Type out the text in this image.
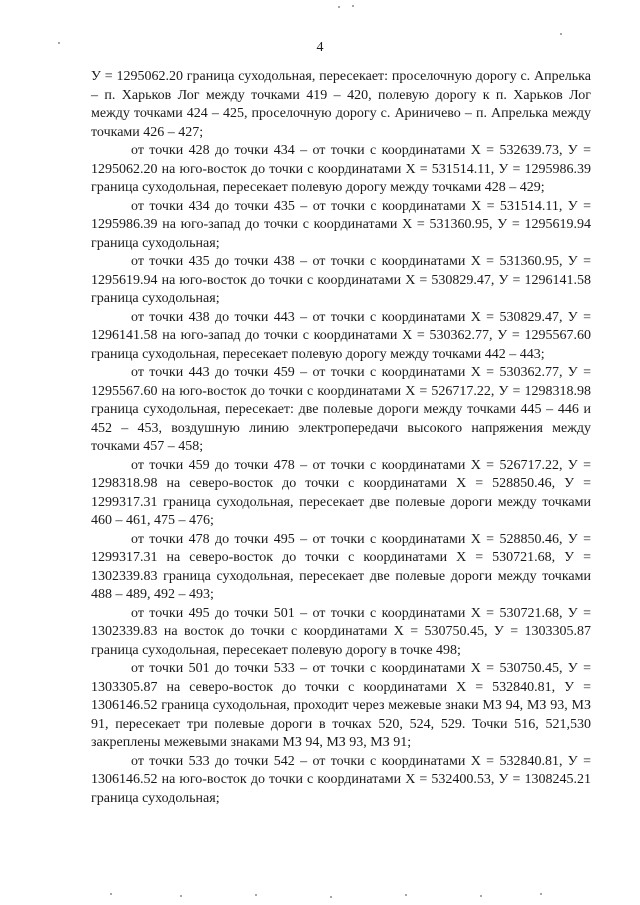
4

У = 1295062.20 граница суходольная, пересекает: проселочную дорогу с. Апрелька – п. Харьков Лог между точками 419 – 420, полевую дорогу к п. Харьков Лог между точками 424 – 425, проселочную дорогу с. Ариничево – п. Апрелька между точками 426 – 427;

от точки 428 до точки 434 – от точки с координатами Х = 532639.73, У = 1295062.20 на юго-восток до точки с координатами Х = 531514.11, У = 1295986.39 граница суходольная, пересекает полевую дорогу между точками 428 – 429;

от точки 434 до точки 435 – от точки с координатами Х = 531514.11, У = 1295986.39 на юго-запад до точки с координатами Х = 531360.95, У = 1295619.94 граница суходольная;

от точки 435 до точки 438 – от точки с координатами Х = 531360.95, У = 1295619.94 на юго-восток до точки с координатами Х = 530829.47, У = 1296141.58 граница суходольная;

от точки 438 до точки 443 – от точки с координатами Х = 530829.47, У = 1296141.58 на юго-запад до точки с координатами Х = 530362.77, У = 1295567.60 граница суходольная, пересекает полевую дорогу между точками 442 – 443;

от точки 443 до точки 459 – от точки с координатами Х = 530362.77, У = 1295567.60 на юго-восток до точки с координатами Х = 526717.22, У = 1298318.98 граница суходольная, пересекает: две полевые дороги между точками 445 – 446 и 452 – 453, воздушную линию электропередачи высокого напряжения между точками 457 – 458;

от точки 459 до точки 478 – от точки с координатами Х = 526717.22, У = 1298318.98 на северо-восток до точки с координатами Х = 528850.46, У = 1299317.31 граница суходольная, пересекает две полевые дороги между точками 460 – 461, 475 – 476;

от точки 478 до точки 495 – от точки с координатами Х = 528850.46, У = 1299317.31 на северо-восток до точки с координатами Х = 530721.68, У = 1302339.83 граница суходольная, пересекает две полевые дороги между точками 488 – 489, 492 – 493;

от точки 495 до точки 501 – от точки с координатами Х = 530721.68, У = 1302339.83 на восток до точки с координатами Х = 530750.45, У = 1303305.87 граница суходольная, пересекает полевую дорогу в точке 498;

от точки 501 до точки 533 – от точки с координатами Х = 530750.45, У = 1303305.87 на северо-восток до точки с координатами Х = 532840.81, У = 1306146.52 граница суходольная, проходит через межевые знаки МЗ 94, МЗ 93, МЗ 91, пересекает три полевые дороги в точках 520, 524, 529. Точки 516, 521,530 закреплены межевыми знаками МЗ 94, МЗ 93, МЗ 91;

от точки 533 до точки 542 – от точки с координатами Х = 532840.81, У = 1306146.52 на юго-восток до точки с координатами Х = 532400.53, У = 1308245.21 граница суходольная;
